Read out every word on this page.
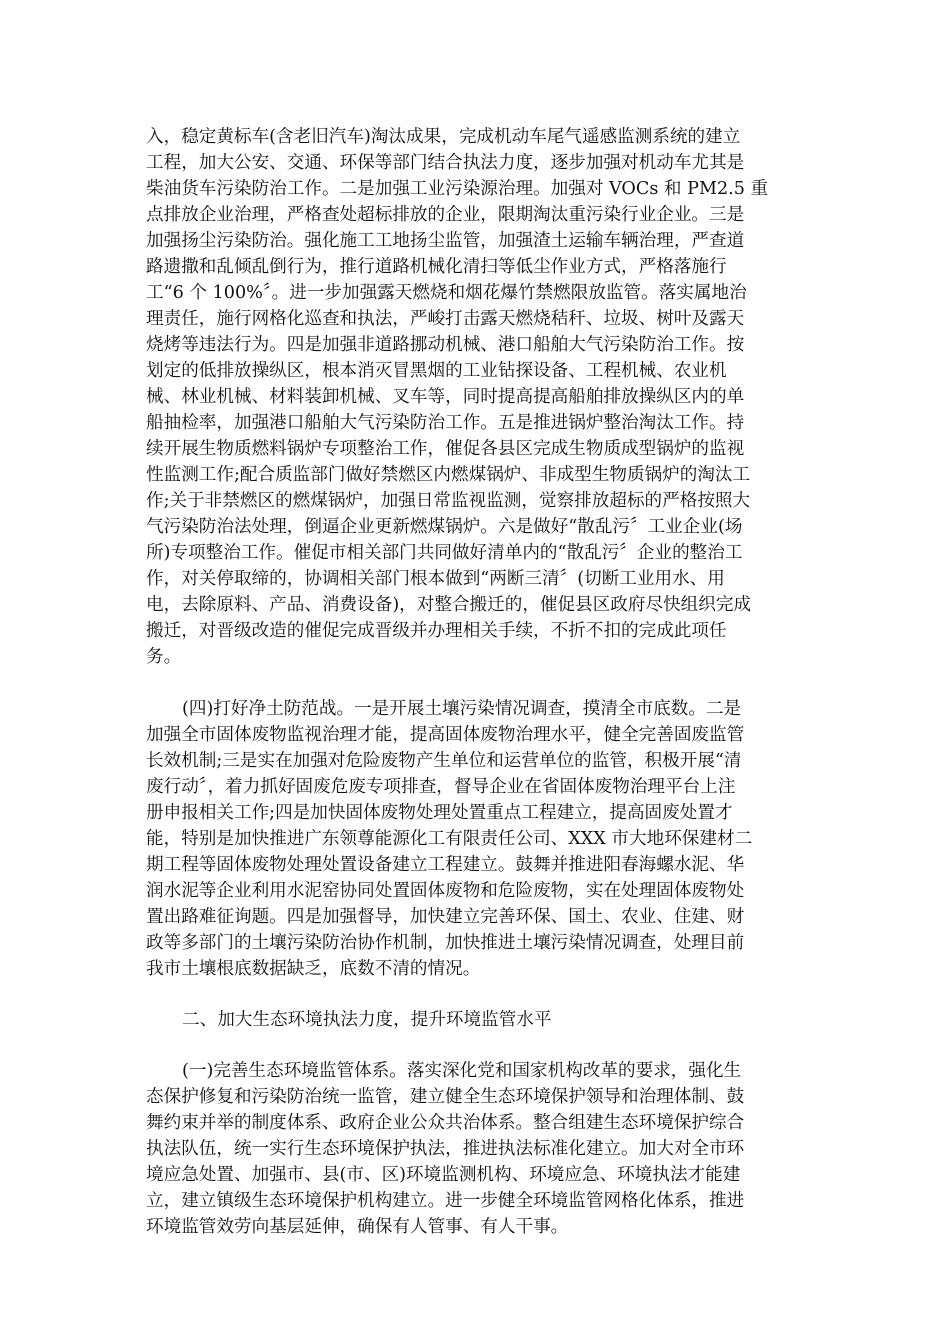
入，稳定黄标车(含老旧汽车)淘汰成果，完成机动车尾气遥感监测系统的建立
工程，加大公安、交通、环保等部门结合执法力度，逐步加强对机动车尤其是
柴油货车污染防治工作。二是加强工业污染源治理。加强对 VOCs 和 PM2.5 重
点排放企业治理，严格查处超标排放的企业，限期淘汰重污染行业企业。三是
加强扬尘污染防治。强化施工工地扬尘监管，加强渣土运输车辆治理，严查道
路遗撒和乱倾乱倒行为，推行道路机械化清扫等低尘作业方式，严格落施行
工“6 个 100%〞。进一步加强露天燃烧和烟花爆竹禁燃限放监管。落实属地治
理责任，施行网格化巡查和执法，严峻打击露天燃烧秸秆、垃圾、树叶及露天
烧烤等违法行为。四是加强非道路挪动机械、港口船舶大气污染防治工作。按
划定的低排放操纵区，根本消灭冒黑烟的工业钻探设备、工程机械、农业机
械、林业机械、材料装卸机械、叉车等，同时提高提高船舶排放操纵区内的单
船抽检率，加强港口船舶大气污染防治工作。五是推进锅炉整治淘汰工作。持
续开展生物质燃料锅炉专项整治工作，催促各县区完成生物质成型锅炉的监视
性监测工作;配合质监部门做好禁燃区内燃煤锅炉、非成型生物质锅炉的淘汰工
作;关于非禁燃区的燃煤锅炉，加强日常监视监测，觉察排放超标的严格按照大
气污染防治法处理，倒逼企业更新燃煤锅炉。六是做好“散乱污〞工业企业(场
所)专项整治工作。催促市相关部门共同做好清单内的“散乱污〞企业的整治工
作，对关停取缔的，协调相关部门根本做到“两断三清〞(切断工业用水、用
电，去除原料、产品、消费设备)，对整合搬迁的，催促县区政府尽快组织完成
搬迁，对晋级改造的催促完成晋级并办理相关手续，不折不扣的完成此项任
务。
(四)打好净土防范战。一是开展土壤污染情况调查，摸清全市底数。二是
加强全市固体废物监视治理才能，提高固体废物治理水平，健全完善固废监管
长效机制;三是实在加强对危险废物产生单位和运营单位的监管，积极开展“清
废行动〞，着力抓好固废危废专项排查，督导企业在省固体废物治理平台上注
册申报相关工作;四是加快固体废物处理处置重点工程建立，提高固废处置才
能，特别是加快推进广东领尊能源化工有限责任公司、XXX 市大地环保建材二
期工程等固体废物处理处置设备建立工程建立。鼓舞并推进阳春海螺水泥、华
润水泥等企业利用水泥窑协同处置固体废物和危险废物，实在处理固体废物处
置出路难征询题。四是加强督导，加快建立完善环保、国土、农业、住建、财
政等多部门的土壤污染防治协作机制，加快推进土壤污染情况调查，处理目前
我市土壤根底数据缺乏，底数不清的情况。
二、加大生态环境执法力度，提升环境监管水平
(一)完善生态环境监管体系。落实深化党和国家机构改革的要求，强化生
态保护修复和污染防治统一监管，建立健全生态环境保护领导和治理体制、鼓
舞约束并举的制度体系、政府企业公众共治体系。整合组建生态环境保护综合
执法队伍，统一实行生态环境保护执法，推进执法标准化建立。加大对全市环
境应急处置、加强市、县(市、区)环境监测机构、环境应急、环境执法才能建
立，建立镇级生态环境保护机构建立。进一步健全环境监管网格化体系，推进
环境监管效劳向基层延伸，确保有人管事、有人干事。
